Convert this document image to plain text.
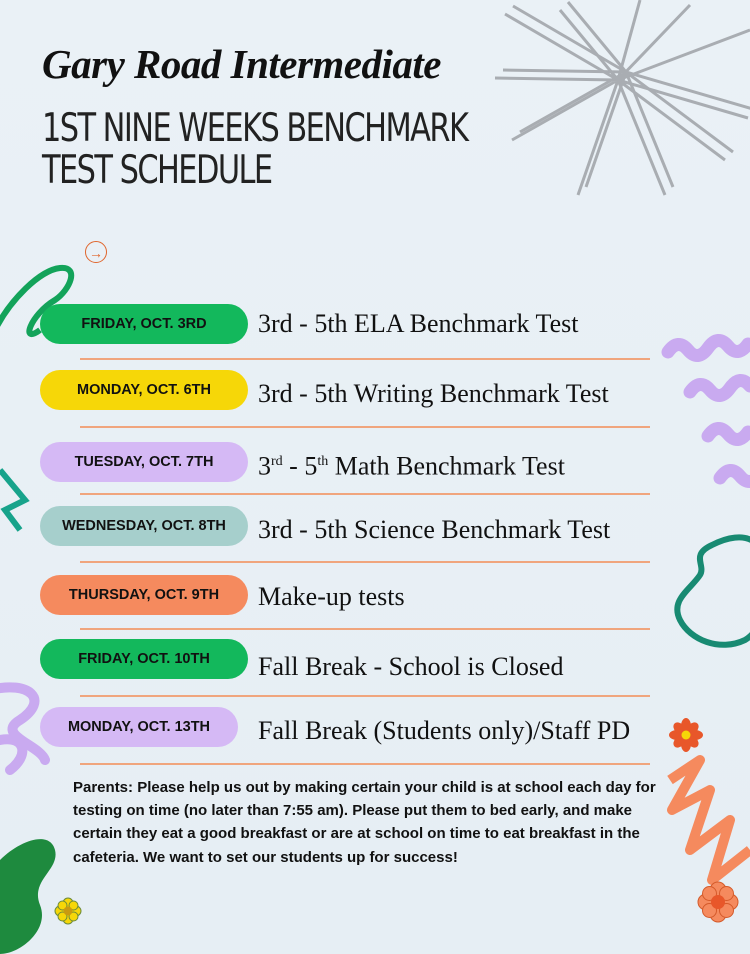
Gary Road Intermediate
1ST NINE WEEKS BENCHMARK TEST SCHEDULE
→
FRIDAY, OCT. 3RD	3rd - 5th ELA Benchmark Test
MONDAY, OCT. 6TH	3rd - 5th Writing Benchmark Test
TUESDAY, OCT. 7TH	3rd - 5th Math Benchmark Test
WEDNESDAY, OCT. 8TH	3rd - 5th Science Benchmark Test
THURSDAY, OCT. 9TH	Make-up tests
FRIDAY, OCT. 10TH	Fall Break - School is Closed
MONDAY, OCT. 13TH	Fall Break (Students only)/Staff PD

Parents: Please help us out by making certain your child is at school each day for testing on time (no later than 7:55 am). Please put them to bed early, and make certain they eat a good breakfast or are at school on time to eat breakfast in the cafeteria. We want to set our students up for success!
